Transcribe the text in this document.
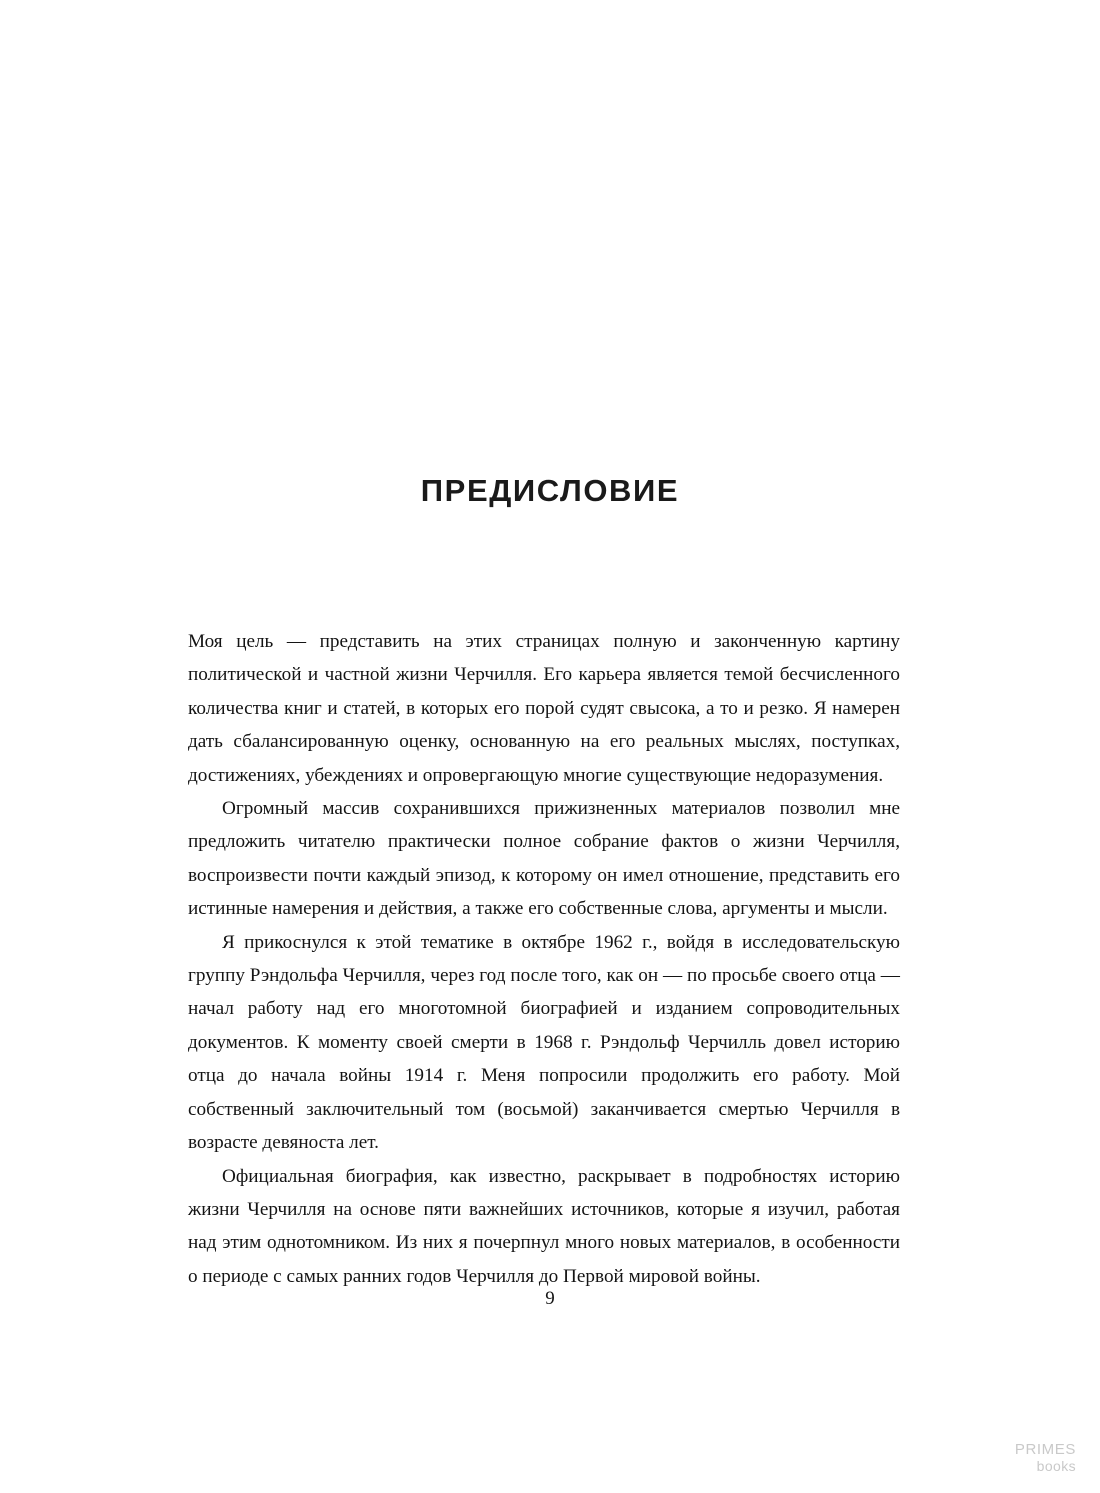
ПРЕДИСЛОВИЕ

Моя цель — представить на этих страницах полную и законченную картину политической и частной жизни Черчилля. Его карьера является темой бесчисленного количества книг и статей, в которых его порой судят свысока, а то и резко. Я намерен дать сбалансированную оценку, основанную на его реальных мыслях, поступках, достижениях, убеждениях и опровергающую многие существующие недоразумения.

Огромный массив сохранившихся прижизненных материалов позволил мне предложить читателю практически полное собрание фактов о жизни Черчилля, воспроизвести почти каждый эпизод, к которому он имел отношение, представить его истинные намерения и действия, а также его собственные слова, аргументы и мысли.

Я прикоснулся к этой тематике в октябре 1962 г., войдя в исследовательскую группу Рэндольфа Черчилля, через год после того, как он — по просьбе своего отца — начал работу над его многотомной биографией и изданием сопроводительных документов. К моменту своей смерти в 1968 г. Рэндольф Черчилль довел историю отца до начала войны 1914 г. Меня попросили продолжить его работу. Мой собственный заключительный том (восьмой) заканчивается смертью Черчилля в возрасте девяноста лет.

Официальная биография, как известно, раскрывает в подробностях историю жизни Черчилля на основе пяти важнейших источников, которые я изучил, работая над этим однотомником. Из них я почерпнул много новых материалов, в особенности о периоде с самых ранних годов Черчилля до Первой мировой войны.

9
PRIMES
books
